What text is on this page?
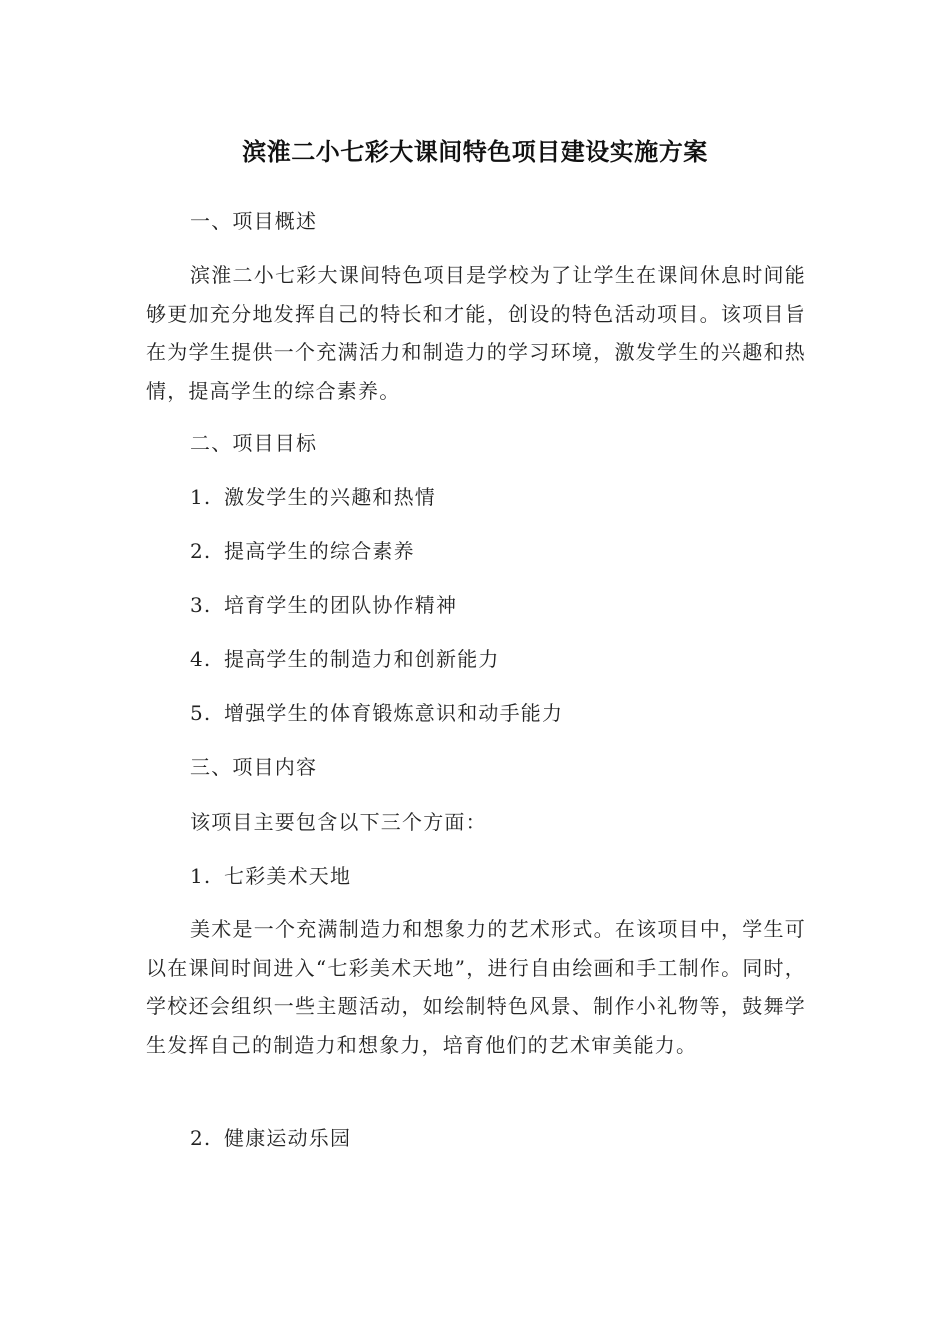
滨淮二小七彩大课间特色项目建设实施方案
一、项目概述
滨淮二小七彩大课间特色项目是学校为了让学生在课间休息时间能够更加充分地发挥自己的特长和才能，创设的特色活动项目。该项目旨在为学生提供一个充满活力和制造力的学习环境，激发学生的兴趣和热情，提高学生的综合素养。
二、项目目标
1. 激发学生的兴趣和热情
2. 提高学生的综合素养
3. 培育学生的团队协作精神
4. 提高学生的制造力和创新能力
5. 增强学生的体育锻炼意识和动手能力
三、项目内容
该项目主要包含以下三个方面：
1. 七彩美术天地
美术是一个充满制造力和想象力的艺术形式。在该项目中，学生可以在课间时间进入“七彩美术天地”，进行自由绘画和手工制作。同时，学校还会组织一些主题活动，如绘制特色风景、制作小礼物等，鼓舞学生发挥自己的制造力和想象力，培育他们的艺术审美能力。
2. 健康运动乐园
